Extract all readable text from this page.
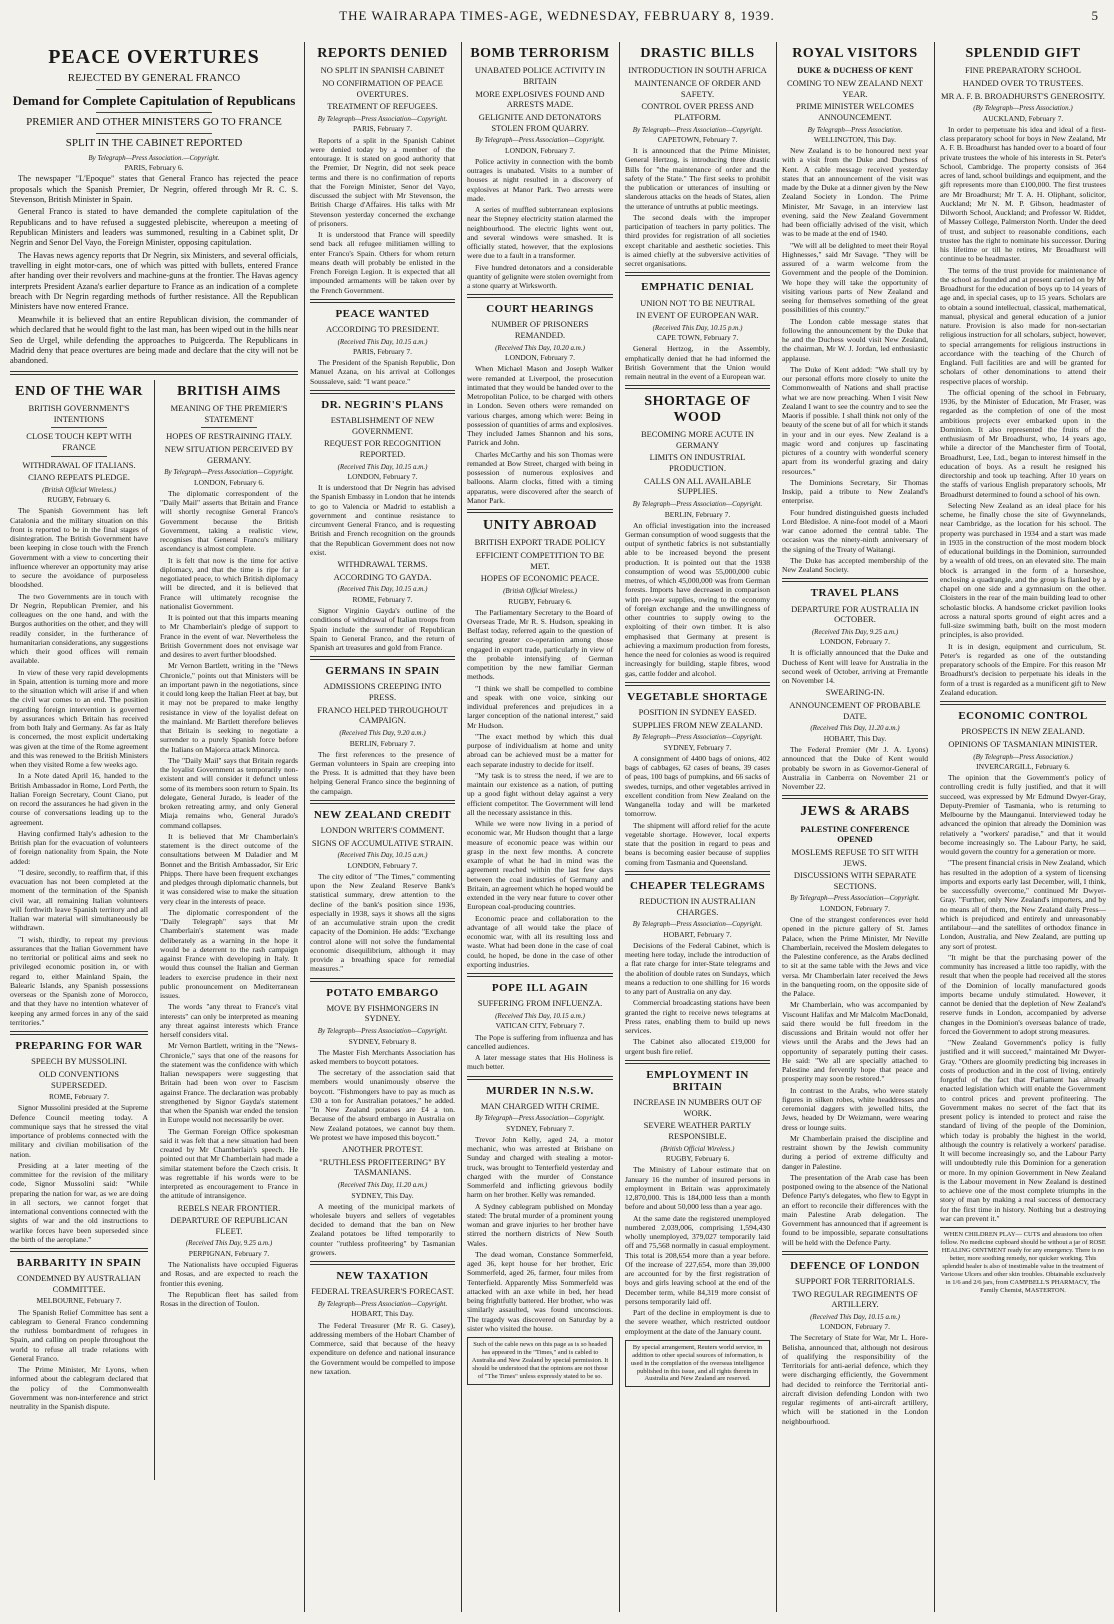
THE WAIRARAPA TIMES-AGE, WEDNESDAY, FEBRUARY 8, 1939.	5
PEACE OVERTURES
REJECTED BY GENERAL FRANCO
Demand for Complete Capitulation of Republicans
PREMIER AND OTHER MINISTERS GO TO FRANCE
SPLIT IN THE CABINET REPORTED
By Telegraph—Press Association.—Copyright.
PARIS, February 6.

The newspaper "L'Epoque" states that General Franco has rejected the peace proposals which the Spanish Premier, Dr Negrin, offered through Mr R. C. S. Stevenson, British Minister in Spain.

General Franco is stated to have demanded the complete capitulation of the Republicans and to have refused a suggested plebiscite, whereupon a meeting of Republican Ministers and leaders was summoned, resulting in a Cabinet split, Dr Negrin and Senor Del Vayo, the Foreign Minister, opposing capitulation.

The Havas news agency reports that Dr Negrin, six Ministers, and several officials, travelling in eight motor-cars, one of which was pitted with bullets, entered France after handing over their revolvers and machine-guns at the frontier. The Havas agency interprets President Azana's earlier departure to France as an indication of a complete breach with Dr Negrin regarding methods of further resistance. All the Republican Ministers have now entered France.

Meanwhile it is believed that an entire Republican division, the commander of which declared that he would fight to the last man, has been wiped out in the hills near Seo de Urgel, while defending the approaches to Puigcerda. The Republicans in Madrid deny that peace overtures are being made and declare that the city will not be abandoned.

END OF THE WAR
BRITISH GOVERNMENT'S INTENTIONS
CLOSE TOUCH KEPT WITH FRANCE
WITHDRAWAL OF ITALIANS.
CIANO REPEATS PLEDGE.
(British Official Wireless.)
RUGBY, February 6.

The Spanish Government has left Catalonia and the military situation on this front is reported to be in the final stages of disintegration. The British Government have been keeping in close touch with the French Government with a view to concerting their influence wherever an opportunity may arise to secure the avoidance of purposeless bloodshed.

The two Governments are in touch with Dr Negrin, Republican Premier, and his colleagues on the one hand, and with the Burgos authorities on the other, and they will readily consider, in the furtherance of humanitarian considerations, any suggestions which their good offices will remain available.

In view of these very rapid developments in Spain, attention is turning more and more to the situation which will arise if and when the civil war comes to an end. The position regarding foreign intervention is governed by assurances which Britain has received from both Italy and Germany. As far as Italy is concerned, the most explicit undertaking was given at the time of the Rome agreement and this was renewed to the British Ministers when they visited Rome a few weeks ago.

In a Note dated April 16, handed to the British Ambassador in Rome, Lord Perth, the Italian Foreign Secretary, Count Ciano, put on record the assurances he had given in the course of conversations leading up to the agreement.

Having confirmed Italy's adhesion to the British plan for the evacuation of volunteers of foreign nationality from Spain, the Note added:

"I desire, secondly, to reaffirm that, if this evacuation has not been completed at the moment of the termination of the Spanish civil war, all remaining Italian volunteers will forthwith leave Spanish territory and all Italian war material will simultaneously be withdrawn.

"I wish, thirdly, to repeat my previous assurances that the Italian Government have no territorial or political aims and seek no privileged economic position in, or with regard to, either Mainland Spain, the Balearic Islands, any Spanish possessions overseas or the Spanish zone of Morocco, and that they have no intention whatever of keeping any armed forces in any of the said territories."

PREPARING FOR WAR
SPEECH BY MUSSOLINI.
OLD CONVENTIONS SUPERSEDED.
ROME, February 7.

Signor Mussolini presided at the Supreme Defence Council meeting today. A communique says that he stressed the vital importance of problems connected with the military and civilian mobilisation of the nation.

Presiding at a later meeting of the committee for the revision of the military code, Signor Mussolini said: "While preparing the nation for war, as we are doing in all sectors, we cannot forget that international conventions connected with the sights of war and the old instructions to warlike forces have been superseded since the birth of the aeroplane."

BARBARITY IN SPAIN
CONDEMNED BY AUSTRALIAN COMMITTEE.
MELBOURNE, February 7.

The Spanish Relief Committee has sent a cablegram to General Franco condemning the ruthless bombardment of refugees in Spain, and calling on people throughout the world to refuse all trade relations with General Franco.

The Prime Minister, Mr Lyons, when informed about the cablegram declared that the policy of the Commonwealth Government was non-interference and strict neutrality in the Spanish dispute.

BRITISH AIMS
MEANING OF THE PREMIER'S STATEMENT
HOPES OF RESTRAINING ITALY.
NEW SITUATION PERCEIVED BY GERMANY.
By Telegraph—Press Association—Copyright.
LONDON, February 6.

The diplomatic correspondent of the "Daily Mail" asserts that Britain and France will shortly recognise General Franco's Government because the British Government, taking a realistic view, recognises that General Franco's military ascendancy is almost complete.

It is felt that now is the time for active diplomacy, and that the time is ripe for a negotiated peace, to which British diplomacy will be directed, and it is believed that France will ultimately recognise the nationalist Government.

It is pointed out that this imparts meaning to Mr Chamberlain's pledge of support to France in the event of war. Nevertheless the British Government does not envisage war and desires to avert further bloodshed.

Mr Vernon Bartlett, writing in the "News Chronicle," points out that Ministers will be an important pawn in the negotiations, since it could long keep the Italian Fleet at bay, but it may not be prepared to make lengthy resistance in view of the loyalist defeat on the mainland. Mr Bartlett therefore believes that Britain is seeking to negotiate a surrender to a purely Spanish force before the Italians on Majorca attack Minorca.

The "Daily Mail" says that Britain regards the loyalist Government as temporarily non-existent and will consider it defunct unless some of its members soon return to Spain. Its delegate, General Jurado, is leader of the broken retreating army, and only General Miaja remains who, General Jurado's command collapses.

It is believed that Mr Chamberlain's statement is the direct outcome of the consultations between M Daladier and M Bonnet and the British Ambassador, Sir Eric Phipps. There have been frequent exchanges and pledges through diplomatic channels, but it was considered wise to make the situation very clear in the interests of peace.

The diplomatic correspondent of the "Daily Telegraph" says that Mr Chamberlain's statement was made deliberately as a warning in the hope it would be a deterrent to the rash campaign against France with developing in Italy. It would thus counsel the Italian and German leaders to exercise prudence in their next public pronouncement on Mediterranean issues.

The words "any threat to France's vital interests" can only be interpreted as meaning any threat against interests which France herself considers vital.

Mr Vernon Bartlett, writing in the "News-Chronicle," says that one of the reasons for the statement was the confidence with which Italian newspapers were suggesting that Britain had been won over to Fascism against France. The declaration was probably strengthened by Signor Gayda's statement that when the Spanish war ended the tension in Europe would not necessarily be over.

The German Foreign Office spokesman said it was felt that a new situation had been created by Mr Chamberlain's speech. He pointed out that Mr Chamberlain had made a similar statement before the Czech crisis. It was regrettable if his words were to be interpreted as encouragement to France in the attitude of intransigence.

REBELS NEAR FRONTIER.
DEPARTURE OF REPUBLICAN FLEET.
(Received This Day, 9.25 a.m.)
PERPIGNAN, February 7.

The Nationalists have occupied Figueras and Rosas, and are expected to reach the frontier this evening.

The Republican fleet has sailed from Rosas in the direction of Toulon.

REPORTS DENIED
NO SPLIT IN SPANISH CABINET
NO CONFIRMATION OF PEACE OVERTURES.
TREATMENT OF REFUGEES.
By Telegraph—Press Association—Copyright.
PARIS, February 7.

Reports of a split in the Spanish Cabinet were denied today by a member of the entourage. It is stated on good authority that the Premier, Dr Negrin, did not seek peace terms and there is no confirmation of reports that the Foreign Minister, Senor del Vayo, discussed the subject with Mr Stevenson, the British Charge d'Affaires. His talks with Mr Stevenson yesterday concerned the exchange of prisoners.

It is understood that France will speedily send back all refugee militiamen willing to enter Franco's Spain. Others for whom return means death will probably be enlisted in the French Foreign Legion. It is expected that all impounded armaments will be taken over by the French Government.

PEACE WANTED
ACCORDING TO PRESIDENT.
(Received This Day, 10.15 a.m.)
PARIS, February 7.

The President of the Spanish Republic, Don Manuel Azana, on his arrival at Collonges Soussaleve, said: "I want peace."

DR. NEGRIN'S PLANS
ESTABLISHMENT OF NEW GOVERNMENT.
REQUEST FOR RECOGNITION REPORTED.
(Received This Day, 10.15 a.m.)
LONDON, February 7.

It is understood that Dr Negrin has advised the Spanish Embassy in London that he intends to go to Valencia or Madrid to establish a government and continue resistance to circumvent General Franco, and is requesting British and French recognition on the grounds that the Republican Government does not now exist.

WITHDRAWAL TERMS.
ACCORDING TO GAYDA.
(Received This Day, 10.15 a.m.)
ROME, February 7.

Signor Virginio Gayda's outline of the conditions of withdrawal of Italian troops from Spain include the surrender of Republican Spain to General Franco, and the return of Spanish art treasures and gold from France.

GERMANS IN SPAIN
ADMISSIONS CREEPING INTO PRESS.
FRANCO HELPED THROUGHOUT CAMPAIGN.
(Received This Day, 9.20 a.m.)
BERLIN, February 7.

The first references to the presence of German volunteers in Spain are creeping into the Press. It is admitted that they have been helping General Franco since the beginning of the campaign.

NEW ZEALAND CREDIT
LONDON WRITER'S COMMENT.
SIGNS OF ACCUMULATIVE STRAIN.
(Received This Day, 10.15 a.m.)
LONDON, February 7.

The city editor of "The Times," commenting upon the New Zealand Reserve Bank's statistical summary, drew attention to the decline of the bank's position since 1936, especially in 1938, says it shows all the signs of an accumulative strain upon the credit capacity of the Dominion. He adds: "Exchange control alone will not solve the fundamental economic disequilibrium, although it may provide a breathing space for remedial measures."

POTATO EMBARGO
MOVE BY FISHMONGERS IN SYDNEY.
By Telegraph—Press Association—Copyright.
SYDNEY, February 8.

The Master Fish Merchants Association has asked members to boycott potatoes.

The secretary of the association said that members would unanimously observe the boycott. "Fishmongers have to pay as much as £30 a ton for Australian potatoes," he added. "In New Zealand potatoes are £4 a ton. Because of the absurd embargo in Australia on New Zealand potatoes, we cannot buy them. We protest we have imposed this boycott."

ANOTHER PROTEST.
"RUTHLESS PROFITEERING" BY TASMANIANS.
(Received This Day, 11.20 a.m.)
SYDNEY, This Day.

A meeting of the municipal markets of wholesale buyers and sellers of vegetables decided to demand that the ban on New Zealand potatoes be lifted temporarily to counter "ruthless profiteering" by Tasmanian growers.

NEW TAXATION
FEDERAL TREASURER'S FORECAST.
By Telegraph—Press Association—Copyright.
HOBART, This Day.

The Federal Treasurer (Mr R. G. Casey), addressing members of the Hobart Chamber of Commerce, said that because of the heavy expenditure on defence and national insurance the Government would be compelled to impose new taxation.

BOMB TERRORISM
UNABATED POLICE ACTIVITY IN BRITAIN
MORE EXPLOSIVES FOUND AND ARRESTS MADE.
GELIGNITE AND DETONATORS STOLEN FROM QUARRY.
By Telegraph—Press Association—Copyright.
LONDON, February 7.

Police activity in connection with the bomb outrages is unabated. Visits to a number of houses at night resulted in a discovery of explosives at Manor Park. Two arrests were made.

A series of muffled subterranean explosions near the Stepney electricity station alarmed the neighbourhood. The electric lights went out, and several windows were smashed. It is officially stated, however, that the explosions were due to a fault in a transformer.

Five hundred detonators and a considerable quantity of gelignite were stolen overnight from a stone quarry at Wirksworth.

COURT HEARINGS
NUMBER OF PRISONERS REMANDED.
(Received This Day, 10.20 a.m.)
LONDON, February 7.

When Michael Mason and Joseph Walker were remanded at Liverpool, the prosecution intimated that they would be handed over to the Metropolitan Police, to be charged with others in London. Seven others were remanded on various charges, among which were: Being in possession of quantities of arms and explosives. They included James Shannon and his sons, Patrick and John.

Charles McCarthy and his son Thomas were remanded at Bow Street, charged with being in possession of numerous explosives and balloons. Alarm clocks, fitted with a timing apparatus, were discovered after the search of Manor Park.

UNITY ABROAD
BRITISH EXPORT TRADE POLICY
EFFICIENT COMPETITION TO BE MET.
HOPES OF ECONOMIC PEACE.
(British Official Wireless.)
RUGBY, February 6.

The Parliamentary Secretary to the Board of Overseas Trade, Mr R. S. Hudson, speaking in Belfast today, referred again to the question of securing greater co-operation among those engaged in export trade, particularly in view of the probable intensifying of German competition by the new familiar German methods.

"I think we shall be compelled to combine and speak with one voice, sinking our individual preferences and prejudices in a larger conception of the national interest," said Mr Hudson.

"The exact method by which this dual purpose of individualism at home and unity abroad can be achieved must be a matter for each separate industry to decide for itself.

"My task is to stress the need, if we are to maintain our existence as a nation, of putting up a good fight without delay against a very efficient competitor. The Government will lend all the necessary assistance in this.

While we were now living in a period of economic war, Mr Hudson thought that a large measure of economic peace was within our grasp in the next few months. A concrete example of what he had in mind was the agreement reached within the last few days between the coal industries of Germany and Britain, an agreement which he hoped would be extended in the very near future to cover other European coal-producing countries.

Economic peace and collaboration to the advantage of all would take the place of economic war, with all its resulting loss and waste. What had been done in the case of coal could, he hoped, be done in the case of other exporting industries.

POPE ILL AGAIN
SUFFERING FROM INFLUENZA.
(Received This Day, 10.15 a.m.)
VATICAN CITY, February 7.

The Pope is suffering from influenza and has cancelled audiences.

A later message states that His Holiness is much better.

MURDER IN N.S.W.
MAN CHARGED WITH CRIME.
By Telegraph—Press Association—Copyright.
SYDNEY, February 7.

Trevor John Kelly, aged 24, a motor mechanic, who was arrested at Brisbane on Sunday and charged with stealing a motor-truck, was brought to Tenterfield yesterday and charged with the murder of Constance Sommerfeld and inflicting grievous bodily harm on her brother. Kelly was remanded.

A Sydney cablegram published on Monday stated: The brutal murder of a prominent young woman and grave injuries to her brother have stirred the northern districts of New South Wales.

The dead woman, Constance Sommerfeld, aged 36, kept house for her brother, Eric Sommerfeld, aged 26, farmer, four miles from Tenterfield. Apparently Miss Sommerfeld was attacked with an axe while in bed, her head being frightfully battered. Her brother, who was similarly assaulted, was found unconscious. The tragedy was discovered on Saturday by a sister who visited the house.

Such of the cable news on this page as is so headed has appeared in the "Times," and is cabled to Australia and New Zealand by special permission. It should be understood that the opinions are not those of "The Times" unless expressly stated to be so.
DRASTIC BILLS
INTRODUCTION IN SOUTH AFRICA
MAINTENANCE OF ORDER AND SAFETY.
CONTROL OVER PRESS AND PLATFORM.
By Telegraph—Press Association—Copyright.
CAPETOWN, February 7.

It is announced that the Prime Minister, General Hertzog, is introducing three drastic Bills for "the maintenance of order and the safety of the State." The first seeks to prohibit the publication or utterances of insulting or slanderous attacks on the heads of States, alien the utterance of untruths at public meetings.

The second deals with the improper participation of teachers in party politics. The third provides for registration of all societies except charitable and aesthetic societies. This is aimed chiefly at the subversive activities of secret organisations.

EMPHATIC DENIAL
UNION NOT TO BE NEUTRAL
IN EVENT OF EUROPEAN WAR.
(Received This Day, 10.15 p.m.)
CAPE TOWN, February 7.

General Hertzog, in the Assembly, emphatically denied that he had informed the British Government that the Union would remain neutral in the event of a European war.

SHORTAGE OF WOOD
BECOMING MORE ACUTE IN GERMANY
LIMITS ON INDUSTRIAL PRODUCTION.
CALLS ON ALL AVAILABLE SUPPLIES.
By Telegraph—Press Association—Copyright.
BERLIN, February 7.

An official investigation into the increased German consumption of wood suggests that the output of synthetic fabrics is not substantially able to be increased beyond the present production. It is pointed out that the 1938 consumption of wood was 55,000,000 cubic metres, of which 45,000,000 was from German forests. Imports have decreased in comparison with pre-war supplies, owing to the economy of foreign exchange and the unwillingness of other countries to supply owing to the exploiting of their own timber. It is also emphasised that Germany at present is achieving a maximum production from forests, hence the need for colonies as wood is required increasingly for building, staple fibres, wood gas, cattle fodder and alcohol.

VEGETABLE SHORTAGE
POSITION IN SYDNEY EASED.
SUPPLIES FROM NEW ZEALAND.
By Telegraph—Press Association—Copyright.
SYDNEY, February 7.

A consignment of 4400 bags of onions, 402 bags of cabbages, 62 cases of beans, 39 cases of peas, 100 bags of pumpkins, and 66 sacks of swedes, turnips, and other vegetables arrived in excellent condition from New Zealand on the Wanganella today and will be marketed tomorrow.

The shipment will afford relief for the acute vegetable shortage. However, local experts state that the position in regard to peas and beans is becoming easier because of supplies coming from Tasmania and Queensland.

CHEAPER TELEGRAMS
REDUCTION IN AUSTRALIAN CHARGES.
By Telegraph—Press Association—Copyright.
HOBART, February 7.

Decisions of the Federal Cabinet, which is meeting here today, include the introduction of a flat rate charge for inter-State telegrams and the abolition of double rates on Sundays, which means a reduction to one shilling for 16 words to any part of Australia on any day.

Commercial broadcasting stations have been granted the right to receive news telegrams at Press rates, enabling them to build up news services.

The Cabinet also allocated £19,000 for urgent bush fire relief.

EMPLOYMENT IN BRITAIN
INCREASE IN NUMBERS OUT OF WORK.
SEVERE WEATHER PARTLY RESPONSIBLE.
(British Official Wireless.)
RUGBY, February 6.

The Ministry of Labour estimate that on January 16 the number of insured persons in employment in Britain was approximately 12,870,000. This is 184,000 less than a month before and about 50,000 less than a year ago.

At the same date the registered unemployed numbered 2,039,006, comprising 1,594,430 wholly unemployed, 379,027 temporarily laid off and 75,568 normally in casual employment. This total is 208,654 more than a year before. Of the increase of 227,654, more than 39,000 are accounted for by the first registration of boys and girls leaving school at the end of the December term, while 84,319 more consist of persons temporarily laid off.

Part of the decline in employment is due to the severe weather, which restricted outdoor employment at the date of the January count.

By special arrangement, Reuters world service, in addition to other special sources of information, is used in the compilation of the overseas intelligence published in this issue, and all rights therein in Australia and New Zealand are reserved.
ROYAL VISITORS
DUKE & DUCHESS OF KENT
COMING TO NEW ZEALAND NEXT YEAR.
PRIME MINISTER WELCOMES ANNOUNCEMENT.
By Telegraph—Press Association.
WELLINGTON, This Day.

New Zealand is to be honoured next year with a visit from the Duke and Duchess of Kent. A cable message received yesterday states that an announcement of the visit was made by the Duke at a dinner given by the New Zealand Society in London. The Prime Minister, Mr Savage, in an interview last evening, said the New Zealand Government had been officially advised of the visit, which was to be made at the end of 1940.

"We will all be delighted to meet their Royal Highnesses," said Mr Savage. "They will be assured of a warm welcome from the Government and the people of the Dominion. We hope they will take the opportunity of visiting various parts of New Zealand and seeing for themselves something of the great possibilities of this country."

The London cable message states that following the announcement by the Duke that he and the Duchess would visit New Zealand, the chairman, Mr W. J. Jordan, led enthusiastic applause.

The Duke of Kent added: "We shall try by our personal efforts more closely to unite the Commonwealth of Nations and shall practise what we are now preaching. When I visit New Zealand I want to see the country and to see the Maoris if possible. I shall think not only of the beauty of the scene but of all for which it stands in your and in our eyes. New Zealand is a magic word and conjures up fascinating pictures of a country with wonderful scenery apart from its wonderful grazing and dairy resources."

The Dominions Secretary, Sir Thomas Inskip, paid a tribute to New Zealand's enterprise.

Four hundred distinguished guests included Lord Bledisloe. A nine-foot model of a Maori war canoe adorned the central table. The occasion was the ninety-ninth anniversary of the signing of the Treaty of Waitangi.

The Duke has accepted membership of the New Zealand Society.

TRAVEL PLANS
DEPARTURE FOR AUSTRALIA IN OCTOBER.
(Received This Day, 9.25 a.m.)
LONDON, February 7.

It is officially announced that the Duke and Duchess of Kent will leave for Australia in the second week of October, arriving at Fremantle on November 14.

SWEARING-IN.
ANNOUNCEMENT OF PROBABLE DATE.
(Received This Day, 11.20 a.m.)
HOBART, This Day.

The Federal Premier (Mr J. A. Lyons) announced that the Duke of Kent would probably be sworn in as Governor-General of Australia in Canberra on November 21 or November 22.

JEWS & ARABS
PALESTINE CONFERENCE OPENED
MOSLEMS REFUSE TO SIT WITH JEWS.
DISCUSSIONS WITH SEPARATE SECTIONS.
By Telegraph—Press Association—Copyright.
LONDON, February 7.

One of the strangest conferences ever held opened in the picture gallery of St. James Palace, when the Prime Minister, Mr Neville Chamberlain, received the Moslem delegates to the Palestine conference, as the Arabs declined to sit at the same table with the Jews and vice versa. Mr Chamberlain later received the Jews in the banqueting room, on the opposite side of the Palace.

Mr Chamberlain, who was accompanied by Viscount Halifax and Mr Malcolm MacDonald, said there would be full freedom in the discussions and Britain would not offer her views until the Arabs and the Jews had an opportunity of separately putting their cases. He said: "We all are specially attached to Palestine and fervently hope that peace and prosperity may soon be restored."

In contrast to the Arabs, who were stately figures in silken robes, white headdresses and ceremonial daggers with jewelled hilts, the Jews, headed by Dr Weizmann, were wearing dress or lounge suits.

Mr Chamberlain praised the discipline and restraint shown by the Jewish community during a period of extreme difficulty and danger in Palestine.

The presentation of the Arab case has been postponed owing to the absence of the National Defence Party's delegates, who flew to Egypt in an effort to reconcile their differences with the main Palestine Arab delegation. The Government has announced that if agreement is found to be impossible, separate consultations will be held with the Defence Party.

DEFENCE OF LONDON
SUPPORT FOR TERRITORIALS.
TWO REGULAR REGIMENTS OF ARTILLERY.
(Received This Day, 10.15 a.m.)
LONDON, February 7.

The Secretary of State for War, Mr L. Hore-Belisha, announced that, although not desirous of qualifying the responsibility of the Territorials for anti-aerial defence, which they were discharging efficiently, the Government had decided to reinforce the Territorial anti-aircraft division defending London with two regular regiments of anti-aircraft artillery, which will be stationed in the London neighbourhood.

SPLENDID GIFT
FINE PREPARATORY SCHOOL
HANDED OVER TO TRUSTEES.
MR A. F. B. BROADHURST'S GENEROSITY.
(By Telegraph—Press Association.)
AUCKLAND, February 7.

In order to perpetuate his idea and ideal of a first-class preparatory school for boys in New Zealand, Mr A. F. B. Broadhurst has handed over to a board of four private trustees the whole of his interests in St. Peter's School, Cambridge. The property consists of 364 acres of land, school buildings and equipment, and the gift represents more than £100,000. The first trustees are Mr Broadhurst; Mr T. A. H. Oliphant, solicitor, Auckland; Mr N. M. P. Gibson, headmaster of Dilworth School, Auckland; and Professor W. Riddet, of Massey College, Palmerston North. Under the deed of trust, and subject to reasonable conditions, each trustee has the right to nominate his successor. During his lifetime or till he retires, Mr Broadhurst will continue to be headmaster.

The terms of the trust provide for maintenance of the school as founded and at present carried on by Mr Broadhurst for the education of boys up to 14 years of age and, in special cases, up to 15 years. Scholars are to obtain a sound intellectual, classical, mathematical, manual, physical and general education of a junior nature. Provision is also made for non-sectarian religious instruction for all scholars, subject, however, to special arrangements for religious instructions in accordance with the teaching of the Church of England. Full facilities are and will be granted for scholars of other denominations to attend their respective places of worship.

The official opening of the school in February, 1936, by the Minister of Education, Mr Fraser, was regarded as the completion of one of the most ambitious projects ever embarked upon in the Dominion. It also represented the fruits of the enthusiasm of Mr Broadhurst, who, 14 years ago, while a director of the Manchester firm of Tootal, Broadhurst, Lee, Ltd., began to interest himself in the education of boys. As a result he resigned his directorship and took up teaching. After 10 years on the staffs of various English preparatory schools, Mr Broadhurst determined to found a school of his own.

Selecting New Zealand as an ideal place for his scheme, he finally chose the site of Gwynnelands, near Cambridge, as the location for his school. The property was purchased in 1934 and a start was made in 1935 in the construction of the most modern block of educational buildings in the Dominion, surrounded by a wealth of old trees, on an elevated site. The main block is arranged in the form of a horseshoe, enclosing a quadrangle, and the group is flanked by a chapel on one side and a gymnasium on the other. Cloisters in the rear of the main building lead to other scholastic blocks. A handsome cricket pavilion looks across a natural sports ground of eight acres and a full-size swimming bath, built on the most modern principles, is also provided.

It is in design, equipment and curriculum, St. Peter's is regarded as one of the outstanding preparatory schools of the Empire. For this reason Mr Broadhurst's decision to perpetuate his ideals in the form of a trust is regarded as a munificent gift to New Zealand education.

ECONOMIC CONTROL
PROSPECTS IN NEW ZEALAND.
OPINIONS OF TASMANIAN MINISTER.
(By Telegraph—Press Association.)
INVERCARGILL, February 6.

The opinion that the Government's policy of controlling credit is fully justified, and that it will succeed, was expressed by Mr Edmund Dwyer-Gray, Deputy-Premier of Tasmania, who is returning to Melbourne by the Maunganui. Interviewed today he advanced the opinion that already the Dominion was relatively a "workers' paradise," and that it would become increasingly so. The Labour Party, he said, would govern the country for a generation or more.

"The present financial crisis in New Zealand, which has resulted in the adoption of a system of licensing imports and exports early last December, will, I think, be successfully overcome," continued Mr Dwyer-Gray. "Further, only New Zealand's importers, and by no means all of them, the New Zealand daily Press—which is prejudiced and entirely and unreasonably antilabour—and the satellites of orthodox finance in London, Australia, and New Zealand, are putting up any sort of protest.

"It might be that the purchasing power of the community has increased a little too rapidly, with the result that when the people had received all the stores of the Dominion of locally manufactured goods imports became unduly stimulated. However, it cannot be denied that the depletion of New Zealand's reserve funds in London, accompanied by adverse changes in the Dominion's overseas balance of trade, forced the Government to adopt strong measures.

"New Zealand Government's policy is fully justified and it will succeed," maintained Mr Dwyer-Gray. "Others are gloomily predicting big increases in costs of production and in the cost of living, entirely forgetful of the fact that Parliament has already enacted legislation which will enable the Government to control prices and prevent profiteering. The Government makes no secret of the fact that its present policy is intended to protect and raise the standard of living of the people of the Dominion, which today is probably the highest in the world, although the country is relatively a workers' paradise. It will become increasingly so, and the Labour Party will undoubtedly rule this Dominion for a generation or more. In my opinion Government in New Zealand is the Labour movement in New Zealand is destined to achieve one of the most complete triumphs in the story of man by making a real success of democracy for the first time in history. Nothing but a destroying war can prevent it."

WHEN CHILDREN PLAY— CUTS and abrasions too often follow. No medicine cupboard should be without a jar of ROSE HEALING OINTMENT ready for any emergency. There is no better, more soothing remedy, nor quicker working. This splendid healer is also of inestimable value in the treatment of Varicose Ulcers and other skin troubles. Obtainable exclusively in 1/6 and 2/6 jars, from CAMPBELL'S PHARMACY, The Family Chemist, MASTERTON.
